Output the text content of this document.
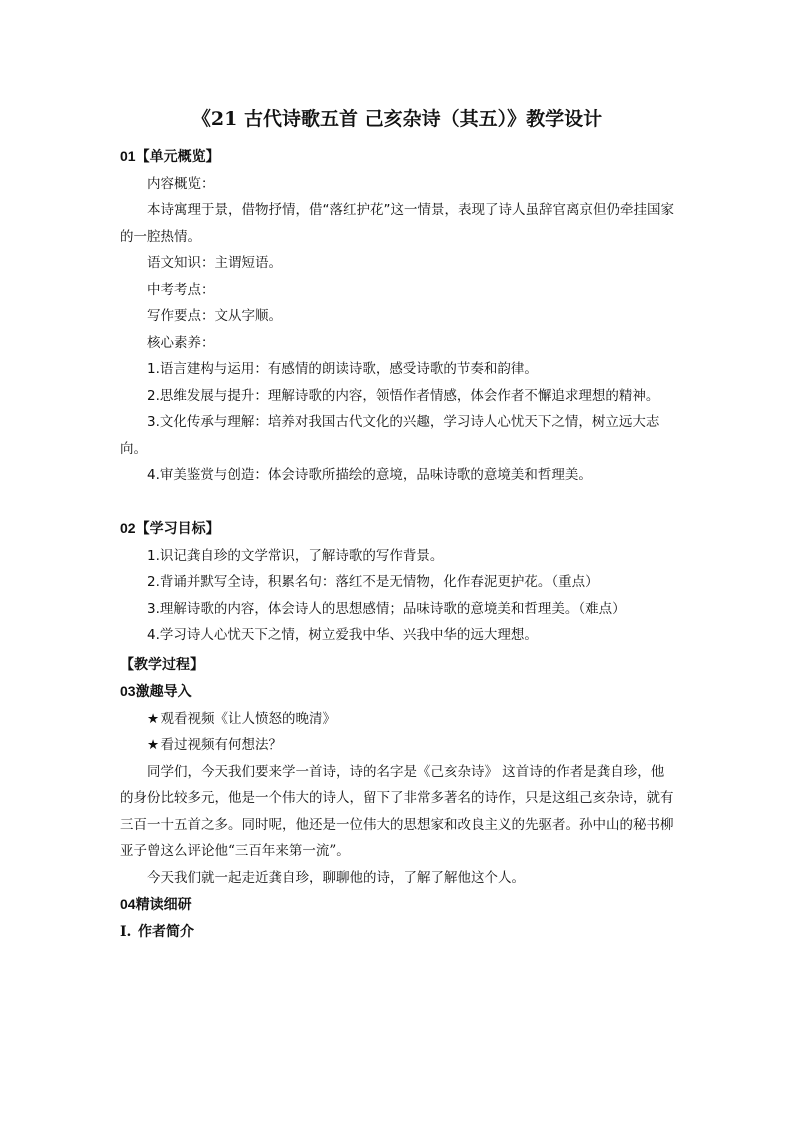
《21 古代诗歌五首 己亥杂诗（其五）》教学设计
01【单元概览】

内容概览：

本诗寓理于景，借物抒情，借“落红护花”这一情景，表现了诗人虽辞官离京但仍牵挂国家的一腔热情。

语文知识：主谓短语。

中考考点：

写作要点：文从字顺。

核心素养：

1.语言建构与运用：有感情的朗读诗歌，感受诗歌的节奏和韵律。

2.思维发展与提升：理解诗歌的内容，领悟作者情感，体会作者不懈追求理想的精神。

3.文化传承与理解：培养对我国古代文化的兴趣，学习诗人心忧天下之情，树立远大志向。

4.审美鉴赏与创造：体会诗歌所描绘的意境，品味诗歌的意境美和哲理美。

02【学习目标】

1.识记龚自珍的文学常识，了解诗歌的写作背景。

2.背诵并默写全诗，积累名句：落红不是无情物，化作春泥更护花。（重点）

3.理解诗歌的内容，体会诗人的思想感情；品味诗歌的意境美和哲理美。（难点）

4.学习诗人心忧天下之情，树立爱我中华、兴我中华的远大理想。

【教学过程】
03激趣导入

★观看视频《让人愤怒的晚清》

★看过视频有何想法？

同学们，今天我们要来学一首诗，诗的名字是《己亥杂诗》 这首诗的作者是龚自珍，他的身份比较多元，他是一个伟大的诗人，留下了非常多著名的诗作，只是这组己亥杂诗，就有三百一十五首之多。同时呢，他还是一位伟大的思想家和改良主义的先驱者。孙中山的秘书柳亚子曾这么评论他“三百年来第一流”。

今天我们就一起走近龚自珍，聊聊他的诗，了解了解他这个人。

04精读细研
Ⅰ. 作者简介
